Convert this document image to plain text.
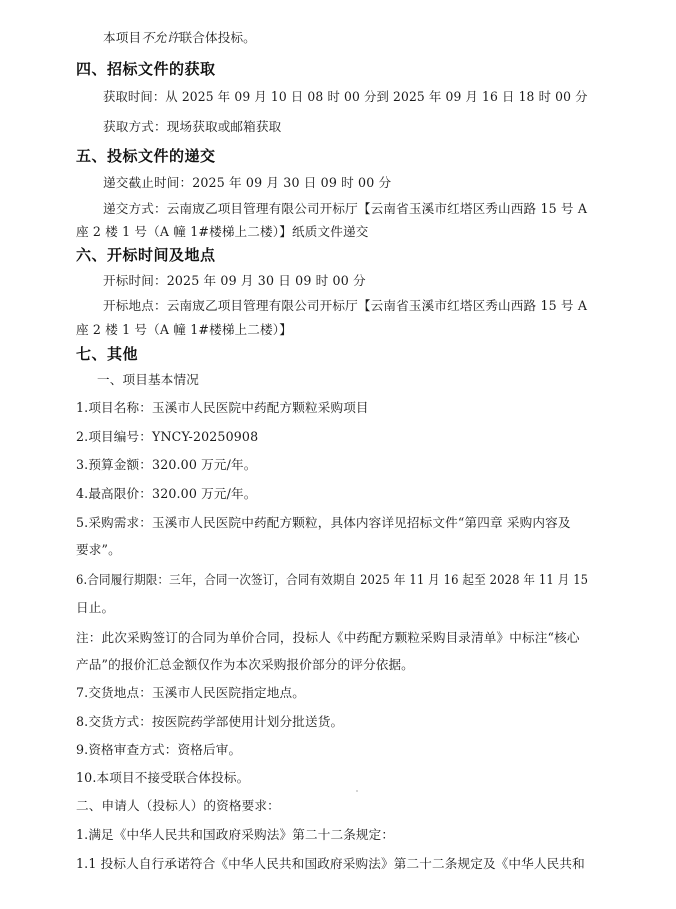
本项目不允许联合体投标。
四、招标文件的获取
获取时间：从 2025 年 09 月 10 日 08 时 00 分到 2025 年 09 月 16 日 18 时 00 分
获取方式：现场获取或邮箱获取
五、投标文件的递交
递交截止时间：2025 年 09 月 30 日 09 时 00 分
递交方式：云南宬乙项目管理有限公司开标厅【云南省玉溪市红塔区秀山西路 15 号 A
座 2 楼 1 号（A 幢 1#楼梯上二楼）】纸质文件递交
六、开标时间及地点
开标时间：2025 年 09 月 30 日 09 时 00 分
开标地点：云南宬乙项目管理有限公司开标厅【云南省玉溪市红塔区秀山西路 15 号 A
座 2 楼 1 号（A 幢 1#楼梯上二楼）】
七、其他
一、项目基本情况
1.项目名称：玉溪市人民医院中药配方颗粒采购项目
2.项目编号：YNCY-20250908
3.预算金额：320.00 万元/年。
4.最高限价：320.00 万元/年。
5.采购需求：玉溪市人民医院中药配方颗粒，具体内容详见招标文件“第四章 采购内容及
要求”。
6.合同履行期限：三年，合同一次签订，合同有效期自 2025 年 11 月 16 起至 2028 年 11 月 15
日止。
注：此次采购签订的合同为单价合同，投标人《中药配方颗粒采购目录清单》中标注“核心
产品”的报价汇总金额仅作为本次采购报价部分的评分依据。
7.交货地点：玉溪市人民医院指定地点。
8.交货方式：按医院药学部使用计划分批送货。
9.资格审查方式：资格后审。
10.本项目不接受联合体投标。
二、申请人（投标人）的资格要求：
1.满足《中华人民共和国政府采购法》第二十二条规定：
1.1 投标人自行承诺符合《中华人民共和国政府采购法》第二十二条规定及《中华人民共和
